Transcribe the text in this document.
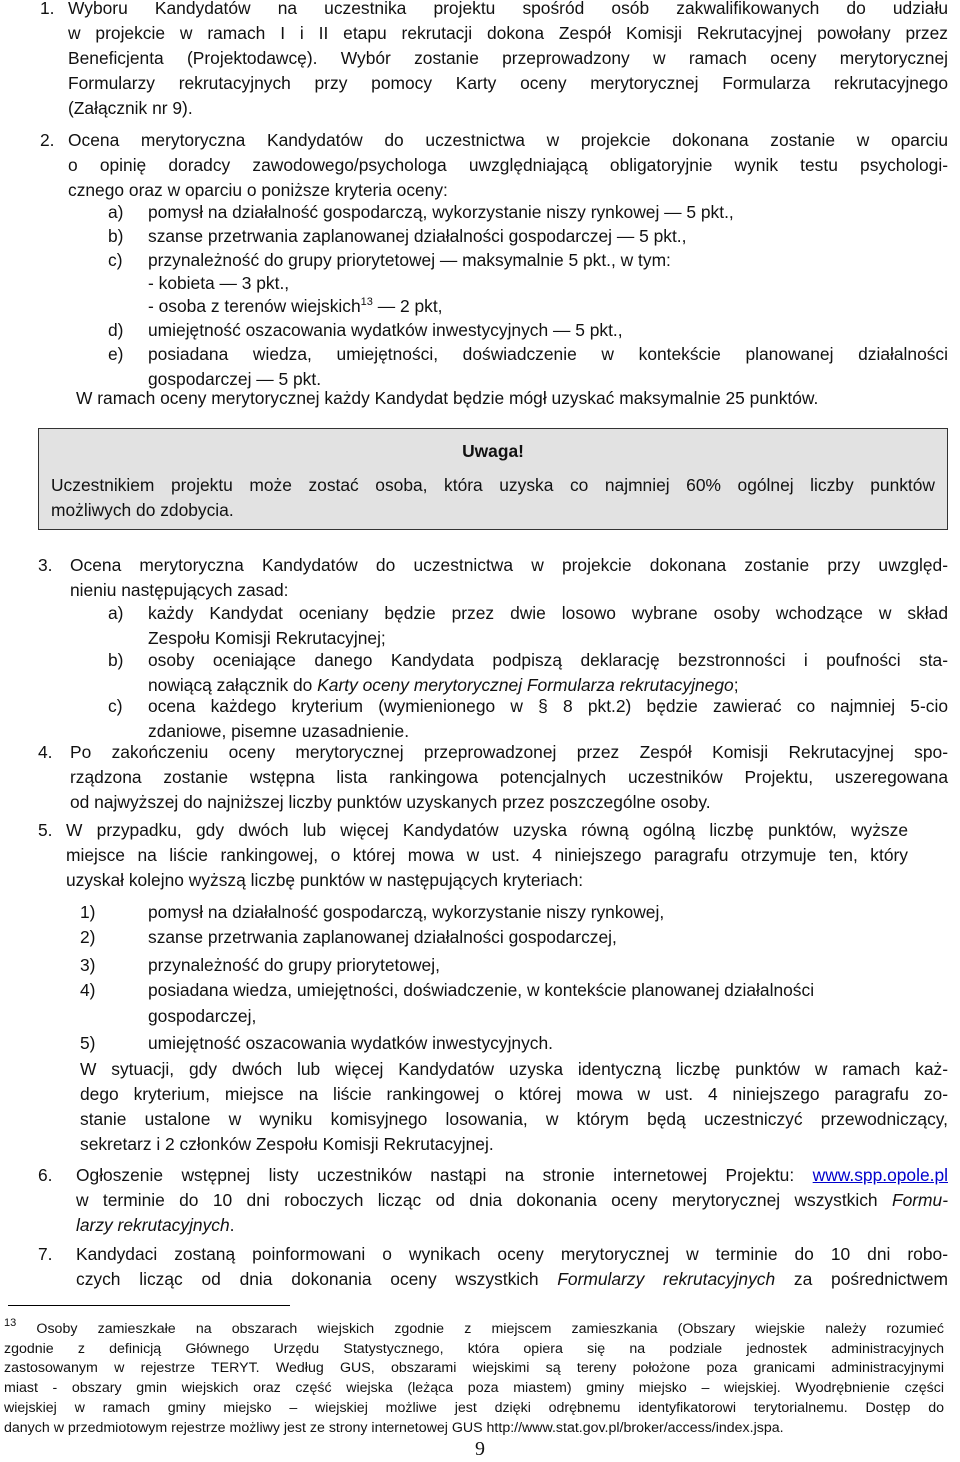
1. Wyboru Kandydatów na uczestnika projektu spośród osób zakwalifikowanych do udziału
w projekcie w ramach I i II etapu rekrutacji dokona Zespół Komisji Rekrutacyjnej powołany przez
Beneficjenta (Projektodawcę). Wybór zostanie przeprowadzony w ramach oceny merytorycznej
Formularzy rekrutacyjnych przy pomocy Karty oceny merytorycznej Formularza rekrutacyjnego
(Załącznik nr 9).
2. Ocena merytoryczna Kandydatów do uczestnictwa w projekcie dokonana zostanie w oparciu
o opinię doradcy zawodowego/psychologa uwzględniającą obligatoryjnie wynik testu psychologi-
cznego oraz w oparciu o poniższe kryteria oceny:
a) pomysł na działalność gospodarczą, wykorzystanie niszy rynkowej — 5 pkt.,
b) szanse przetrwania zaplanowanej działalności gospodarczej — 5 pkt.,
c) przynależność do grupy priorytetowej — maksymalnie 5 pkt., w tym:
- kobieta — 3 pkt.,
- osoba z terenów wiejskich$^{13}$ — 2 pkt,
d) umiejętność oszacowania wydatków inwestycyjnych — 5 pkt.,
e) posiadana wiedza, umiejętności, doświadczenie w kontekście planowanej działalności
gospodarczej — 5 pkt.
W ramach oceny merytorycznej każdy Kandydat będzie mógł uzyskać maksymalnie 25 punktów.
Uwaga!
Uczestnikiem projektu może zostać osoba, która uzyska co najmniej 60% ogólnej liczby punktów
możliwych do zdobycia.
3. Ocena merytoryczna Kandydatów do uczestnictwa w projekcie dokonana zostanie przy uwzględ-
nieniu następujących zasad:
a) każdy Kandydat oceniany będzie przez dwie losowo wybrane osoby wchodzące w skład
Zespołu Komisji Rekrutacyjnej;
b) osoby oceniające danego Kandydata podpiszą deklarację bezstronności i poufności sta-
nowiącą załącznik do Karty oceny merytorycznej Formularza rekrutacyjnego;
c) ocena każdego kryterium (wymienionego w § 8 pkt.2) będzie zawierać co najmniej 5-cio
zdaniowe, pisemne uzasadnienie.
4. Po zakończeniu oceny merytorycznej przeprowadzonej przez Zespół Komisji Rekrutacyjnej spo-
rządzona zostanie wstępna lista rankingowa potencjalnych uczestników Projektu, uszeregowana
od najwyższej do najniższej liczby punktów uzyskanych przez poszczególne osoby.
5. W przypadku, gdy dwóch lub więcej Kandydatów uzyska równą ogólną liczbę punktów, wyższe
miejsce na liście rankingowej, o której mowa w ust. 4 niniejszego paragrafu otrzymuje ten, który
uzyskał kolejno wyższą liczbę punktów w następujących kryteriach:
1)	pomysł na działalność gospodarczą, wykorzystanie niszy rynkowej,
2)	szanse przetrwania zaplanowanej działalności gospodarczej,
3)	przynależność do grupy priorytetowej,
4)	posiadana wiedza, umiejętności, doświadczenie, w kontekście planowanej działalności
gospodarczej,
5)	umiejętność oszacowania wydatków inwestycyjnych.
W sytuacji, gdy dwóch lub więcej Kandydatów uzyska identyczną liczbę punktów w ramach każ-
dego kryterium, miejsce na liście rankingowej o której mowa w ust. 4 niniejszego paragrafu zo-
stanie ustalone w wyniku komisyjnego losowania, w którym będą uczestniczyć przewodniczący,
sekretarz i 2 członków Zespołu Komisji Rekrutacyjnej.
6. Ogłoszenie wstępnej listy uczestników nastąpi na stronie internetowej Projektu: www.spp.opole.pl
w terminie do 10 dni roboczych licząc od dnia dokonania oceny merytorycznej wszystkich Formu-
larzy rekrutacyjnych.
7. Kandydaci zostaną poinformowani o wynikach oceny merytorycznej w terminie do 10 dni robo-
czych licząc od dnia dokonania oceny wszystkich Formularzy rekrutacyjnych za pośrednictwem
$^{13}$ Osoby zamieszkałe na obszarach wiejskich zgodnie z miejscem zamieszkania (Obszary wiejskie należy rozumieć
zgodnie z definicją Głównego Urzędu Statystycznego, która opiera się na podziale jednostek administracyjnych
zastosowanym w rejestrze TERYT. Według GUS, obszarami wiejskimi są tereny położone poza granicami administracyjnymi
miast - obszary gmin wiejskich oraz część wiejska (leżąca poza miastem) gminy miejsko – wiejskiej. Wyodrębnienie części
wiejskiej w ramach gminy miejsko – wiejskiej możliwe jest dzięki odrębnemu identyfikatorowi terytorialnemu. Dostęp do
danych w przedmiotowym rejestrze możliwy jest ze strony internetowej GUS http://www.stat.gov.pl/broker/access/index.jspa.
9
